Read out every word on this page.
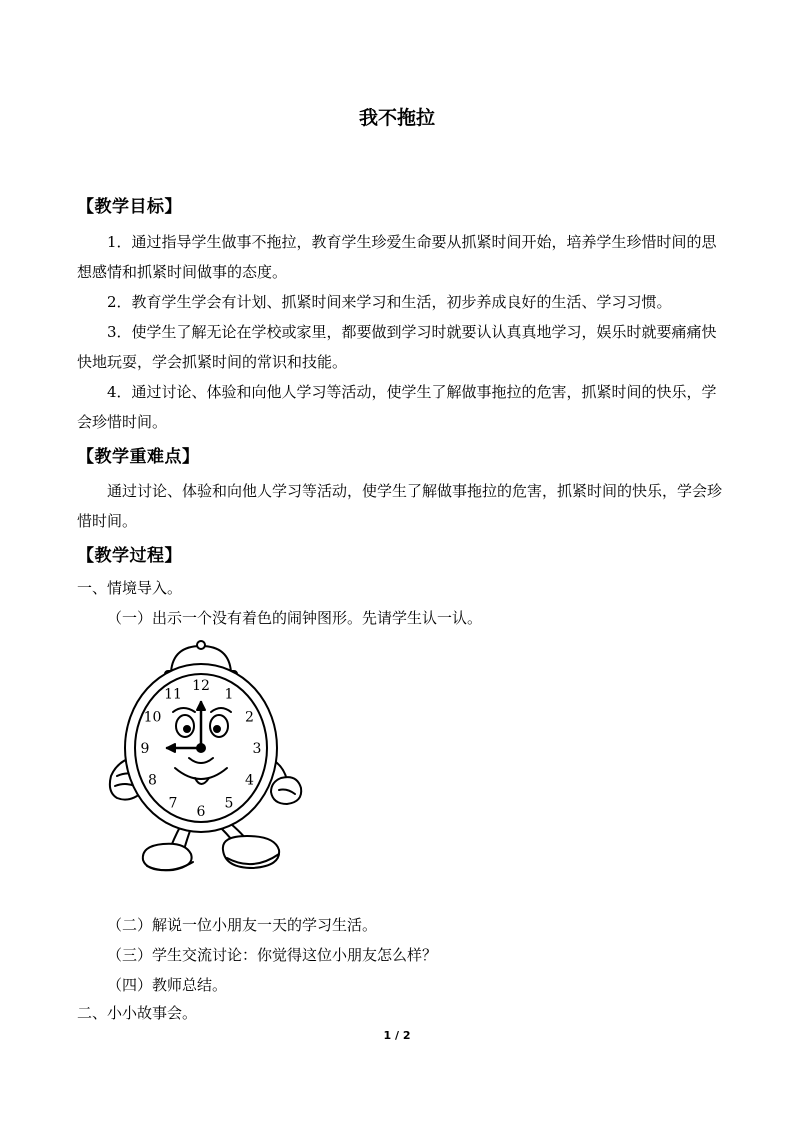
我不拖拉
【教学目标】
1．通过指导学生做事不拖拉，教育学生珍爱生命要从抓紧时间开始，培养学生珍惜时间的思想感情和抓紧时间做事的态度。
2．教育学生学会有计划、抓紧时间来学习和生活，初步养成良好的生活、学习习惯。
3．使学生了解无论在学校或家里，都要做到学习时就要认认真真地学习，娱乐时就要痛痛快快地玩耍，学会抓紧时间的常识和技能。
4．通过讨论、体验和向他人学习等活动，使学生了解做事拖拉的危害，抓紧时间的快乐，学会珍惜时间。
【教学重难点】
通过讨论、体验和向他人学习等活动，使学生了解做事拖拉的危害，抓紧时间的快乐，学会珍惜时间。
【教学过程】
一、情境导入。
（一）出示一个没有着色的闹钟图形。先请学生认一认。
12
1
2
3
4
5
6
7
8
9
10
11
（二）解说一位小朋友一天的学习生活。
（三）学生交流讨论：你觉得这位小朋友怎么样？
（四）教师总结。
二、小小故事会。
1 / 2
